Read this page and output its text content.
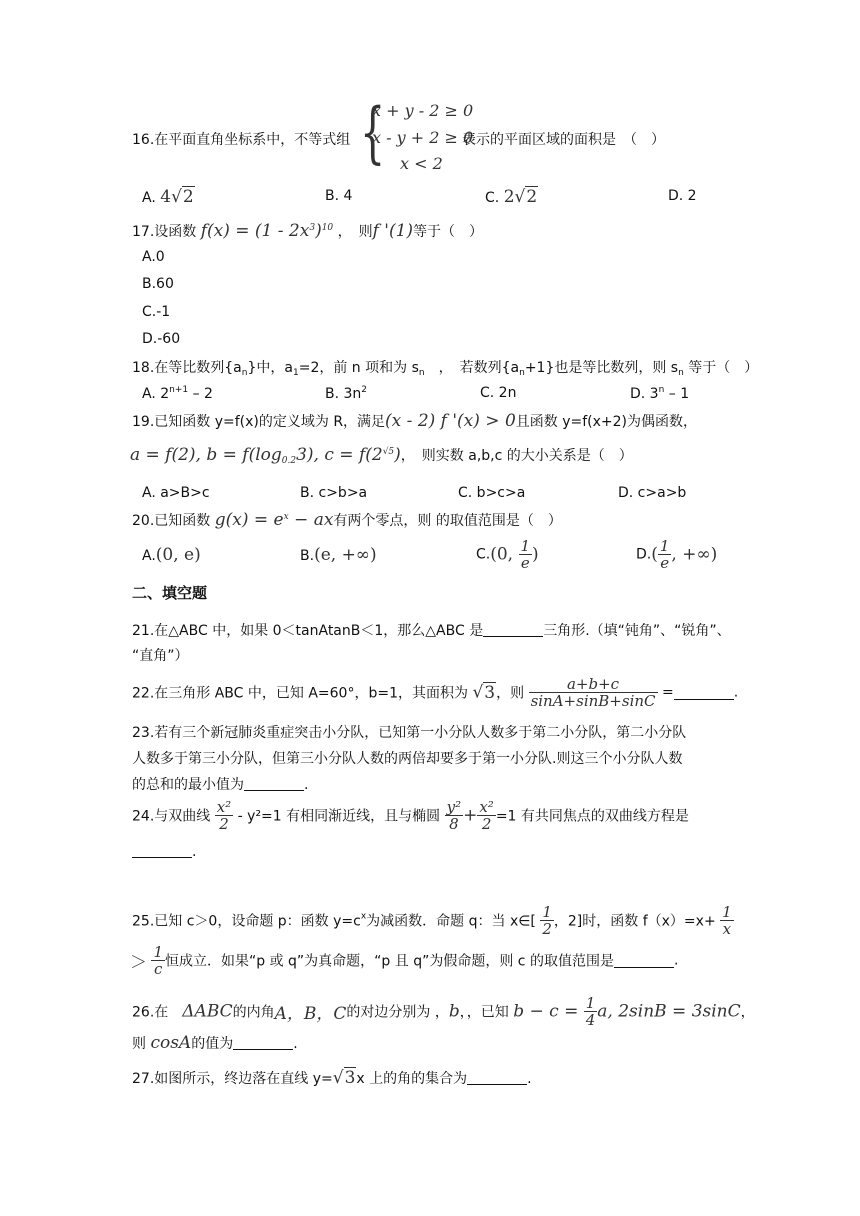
16.在平面直角坐标系中，不等式组 {
x + y - 2 ≥ 0
x - y + 2 ≥ 0
x < 2
表示的平面区域的面积是　（　）
A. 4√2	B. 4	C. 2√2	D. 2
17.设函数 $f(x) = (1 - 2x^3)^{10}$ ，　则f '(1)等于（　）
A.0
B.60
C.-1
D.-60
18.在等比数列$\{a_n\}$中，$a_1=2$，前 n 项和为 $s_n$　，　若数列$\{a_n+1\}$也是等比数列，则 $s_n$ 等于（　）
A. $2^{n+1} - 2$	B. $3n^2$	C. 2n	D. 3$^n$ – 1
19.已知函数 y=f(x)的定义域为 R，满足(x - 2) f '(x) > 0且函数 y=f(x+2)为偶函数，
a = f(2), $b = f(\log_{0.2}3)$, $c = f(2^{√5})$，　则实数 a,b,c 的大小关系是（　）
A. a>B>c	B. c>b>a	C. b>c>a	D. c>a>b
20.已知函数 $g(x) = e^x$ − ax有两个零点，则 的取值范围是（　）
A.(0, e)	B.(e, +∞)	C.(0, $\frac{1}{e}$ )	$D.( \frac{1}{e}$ , +∞)
二、填空题
21.在△ABC 中，如果 0＜tanAtanB＜1，那么△ABC 是	三角形.（填“钝角”、“锐角”、
“直角”）
22.在三角形 ABC 中，已知 A=60°，b=1，其面积为 √3，则 $\frac{a+b+c}{\sin A+\sin B+\sin C}$ =	.
23.若有三个新冠肺炎重症突击小分队，已知第一小分队人数多于第二小分队，第二小分队
人数多于第三小分队，但第三小分队人数的两倍却要多于第一小分队.则这三个小分队人数
的总和的最小值为	.
24.与双曲线 $\frac{\text{x²}}{2} - y^2=1$ 有相同渐近线，且与椭圆 $\frac{\text{y²}}{8} + \frac{\text{x²}}{2} =1$ 有共同焦点的双曲线方程是
.
25.已知 c＞0，设命题 p：函数 $y=c^x$为减函数．命题 q：当 x∈[ $\frac{1}{2}$ ，2]时，函数 $f(x)=x+ \frac{1}{x}$
＞ $\frac{1}{c}$ 恒成立．如果“p 或 q”为真命题，“p 且 q”为假命题，则 c 的取值范围是	.
26.在　ΔABC的内角A，B，C的对边分别为 ，b，，已知 $b - c = \frac{1}{4} a$, 2sinB = 3sinC，
则 cosA的值为	.
27.如图所示，终边落在直线 y=√3x 上的角的集合为	.
